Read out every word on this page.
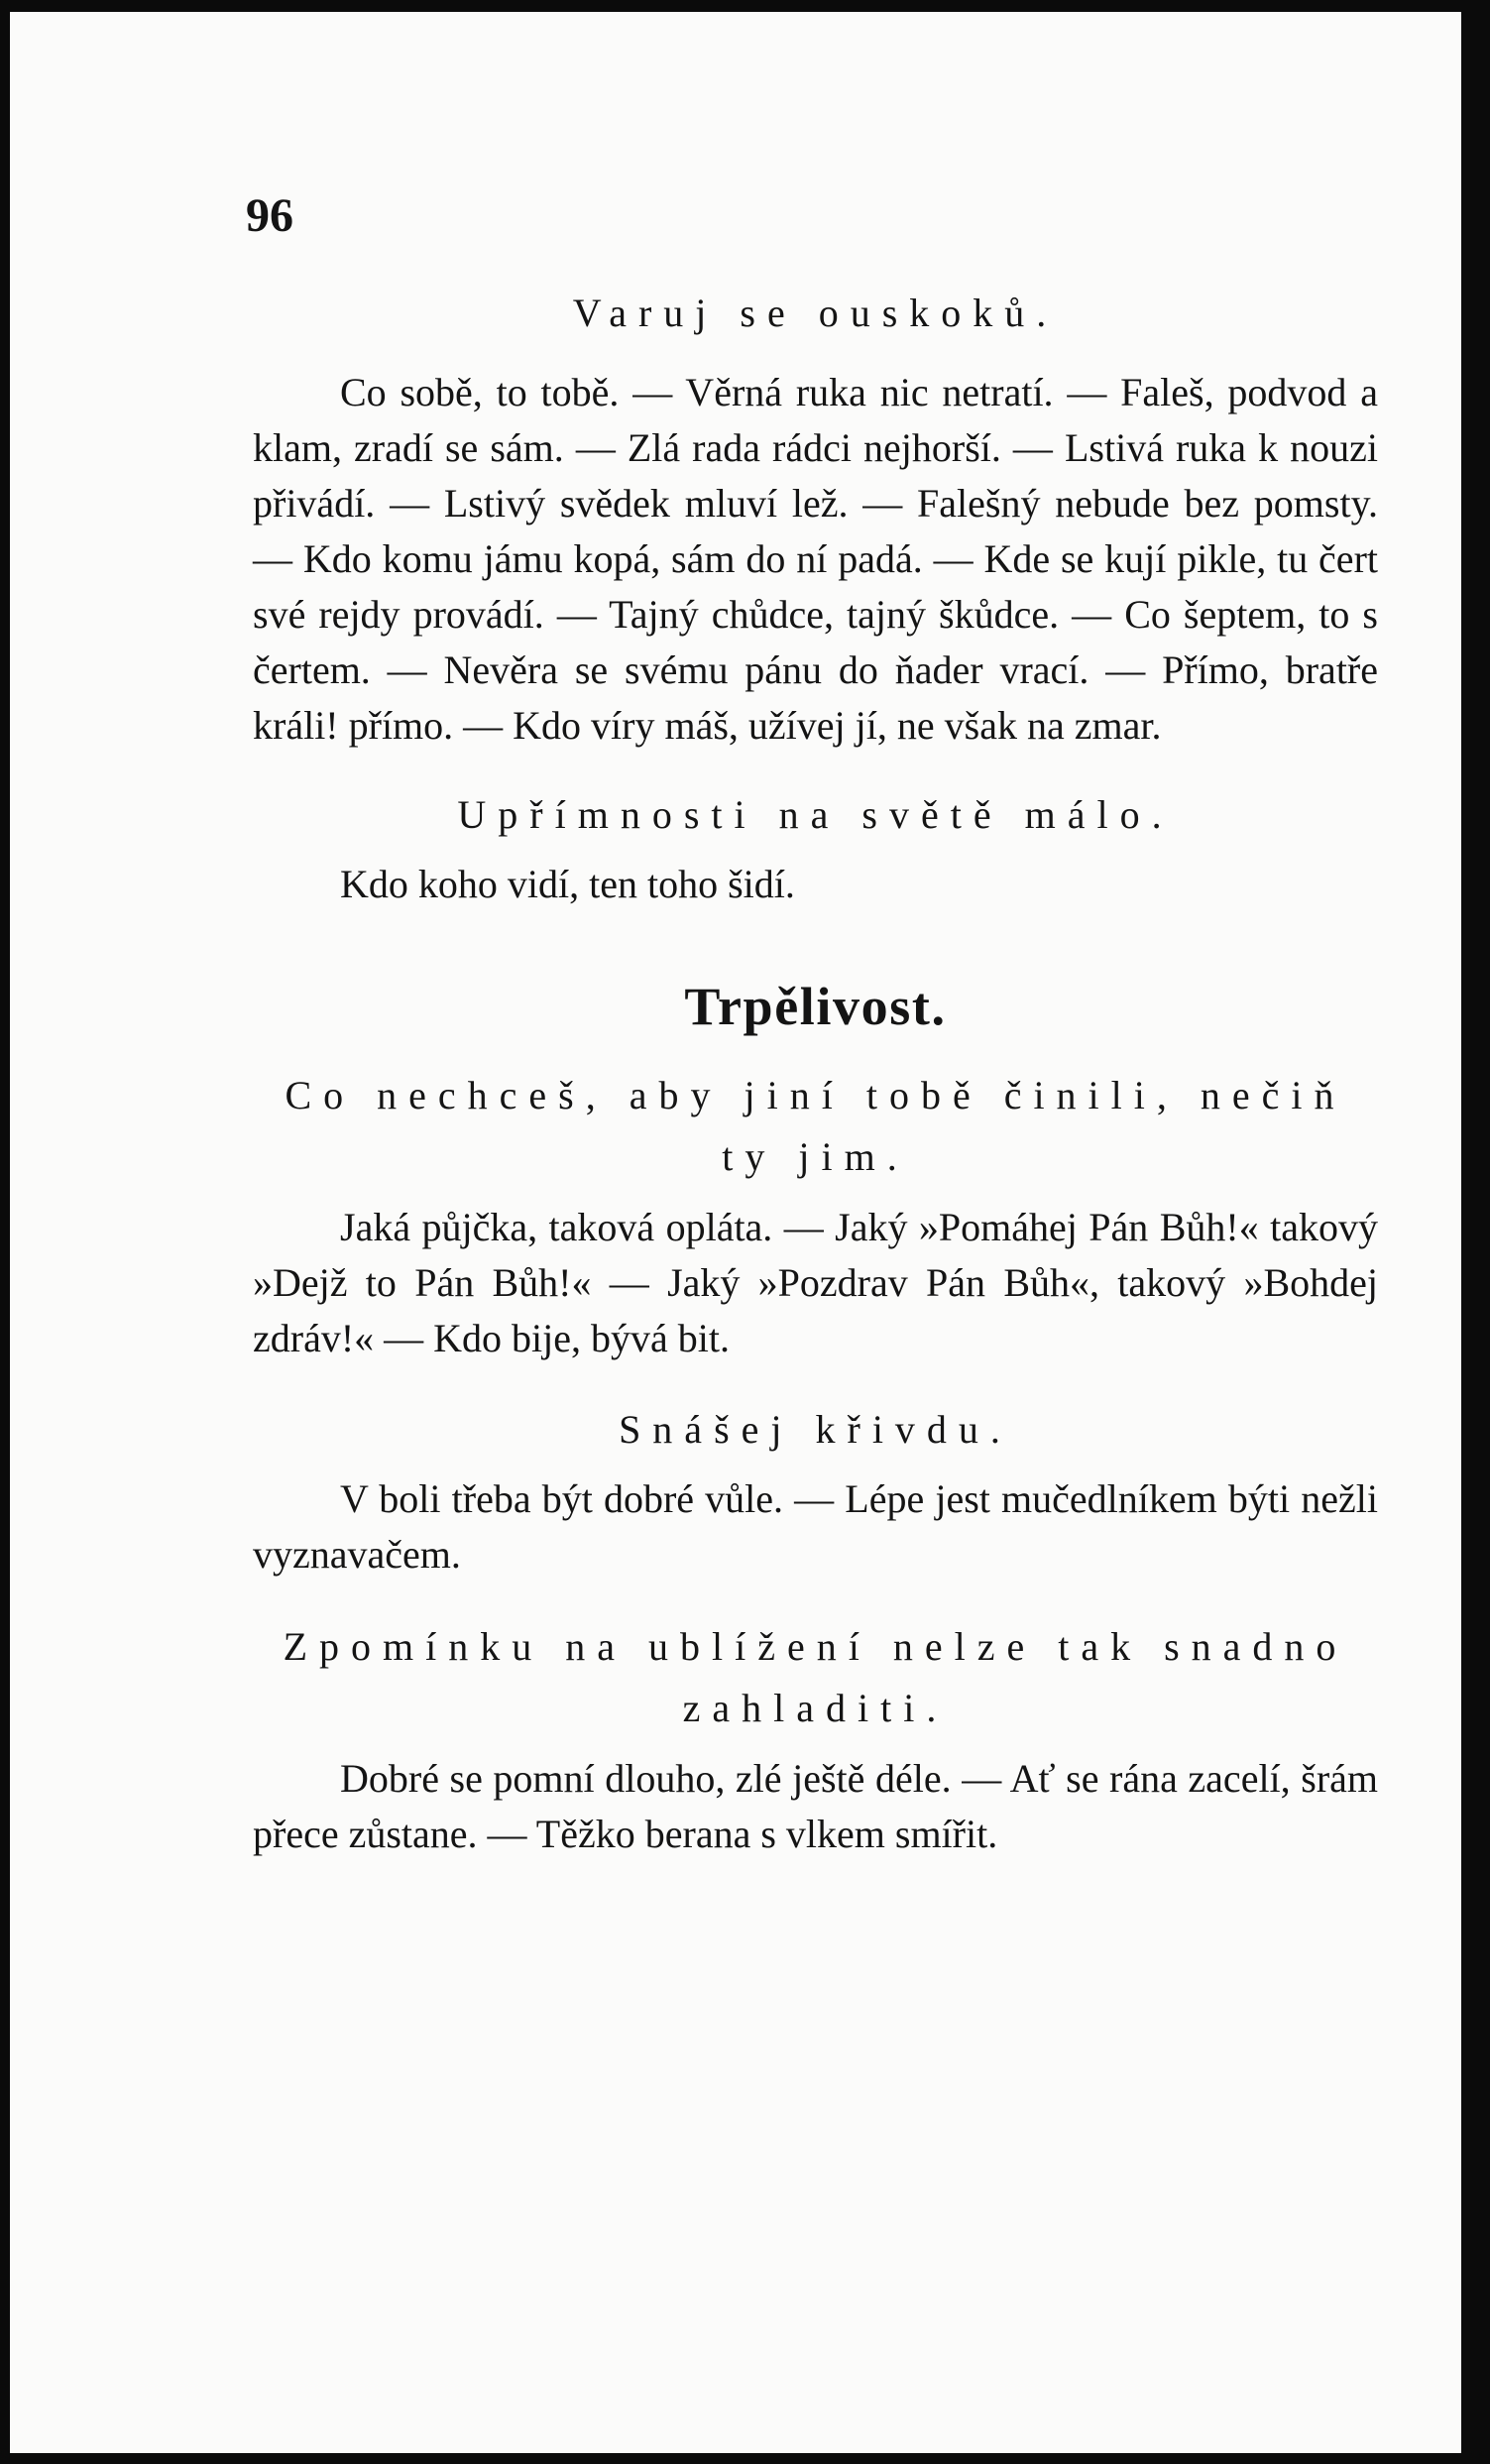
96
Varuj se ouskoků.

Co sobě, to tobě. — Věrná ruka nic netratí. — Faleš, podvod a klam, zradí se sám. — Zlá rada rádci nejhorší. — Lstivá ruka k nouzi přivádí. — Lstivý svědek mluví lež. — Falešný nebude bez pomsty. — Kdo komu jámu kopá, sám do ní padá. — Kde se kují pikle, tu čert své rejdy provádí. — Tajný chůdce, tajný škůdce. — Co šeptem, to s čertem. — Nevěra se svému pánu do ňader vrací. — Přímo, bratře králi! přímo. — Kdo víry máš, užívej jí, ne však na zmar.

Upřímnosti na světě málo.

Kdo koho vidí, ten toho šidí.

Trpělivost.
Co nechceš, aby jiní tobě činili, nečiň ty jim.

Jaká půjčka, taková opláta. — Jaký »Pomáhej Pán Bůh!« takový »Dejž to Pán Bůh!« — Jaký »Pozdrav Pán Bůh«, takový »Bohdej zdráv!« — Kdo bije, bývá bit.

Snášej křivdu.

V boli třeba být dobré vůle. — Lépe jest mučedlníkem býti nežli vyznavačem.

Zpomínku na ublížení nelze tak snadno zahladiti.

Dobré se pomní dlouho, zlé ještě déle. — Ať se rána zacelí, šrám přece zůstane. — Těžko berana s vlkem smířit.
